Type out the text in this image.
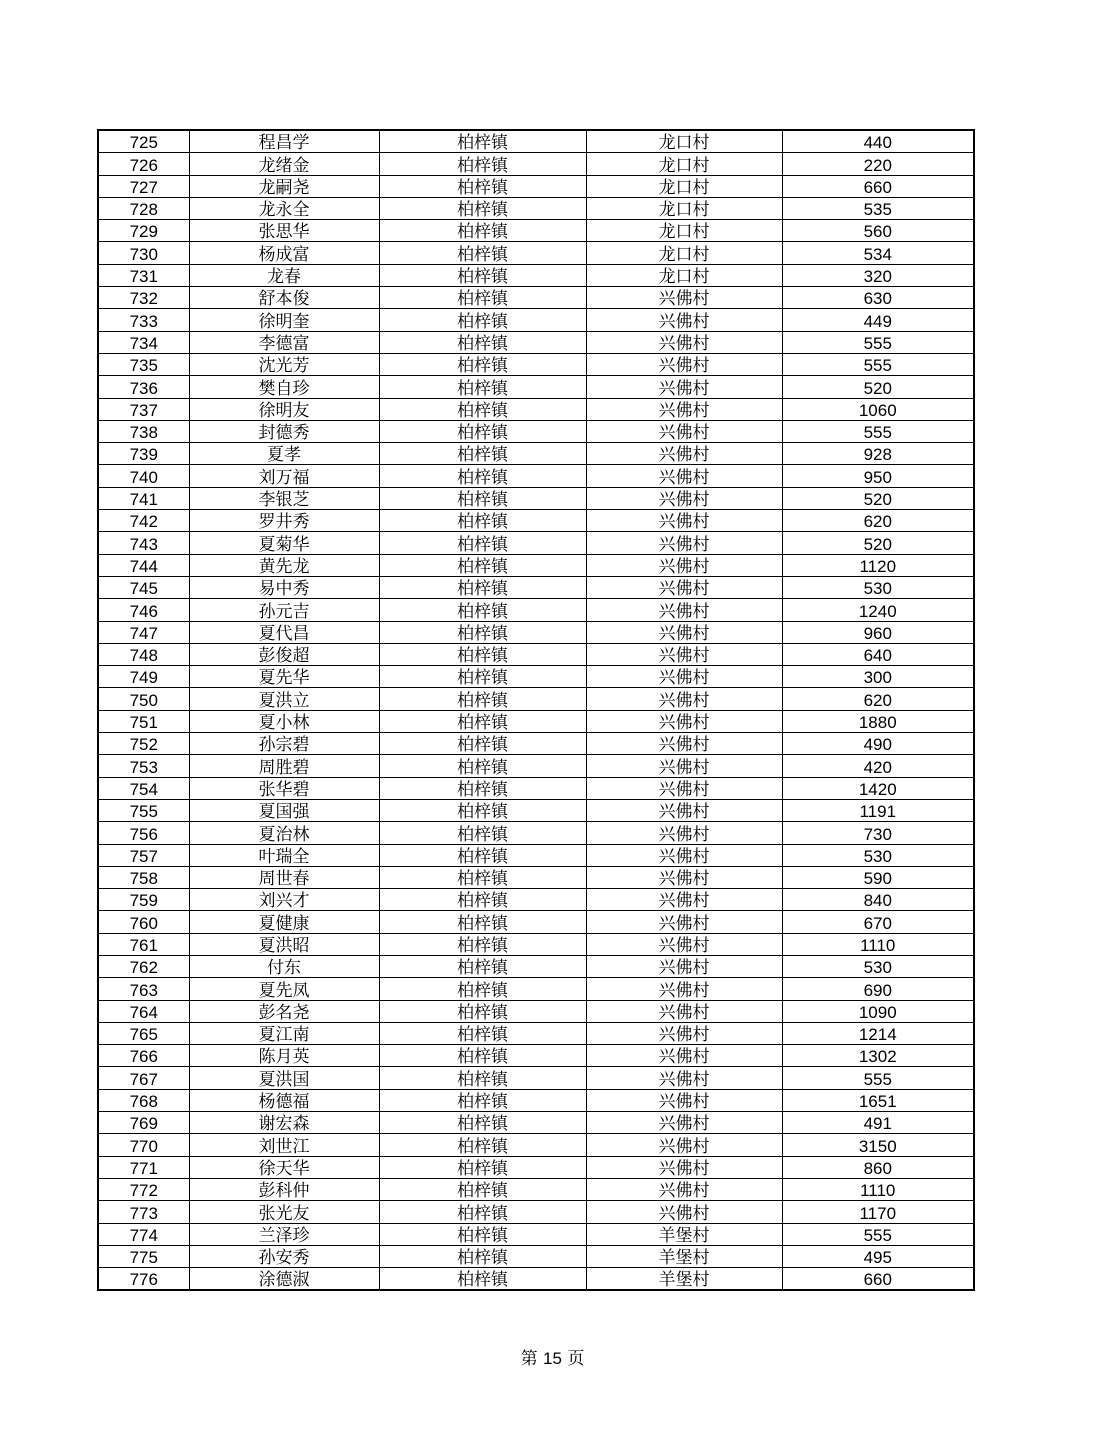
725	程昌学	柏梓镇	龙口村	440
726	龙绪金	柏梓镇	龙口村	220
727	龙嗣尧	柏梓镇	龙口村	660
728	龙永全	柏梓镇	龙口村	535
729	张思华	柏梓镇	龙口村	560
730	杨成富	柏梓镇	龙口村	534
731	龙春	柏梓镇	龙口村	320
732	舒本俊	柏梓镇	兴佛村	630
733	徐明奎	柏梓镇	兴佛村	449
734	李德富	柏梓镇	兴佛村	555
735	沈光芳	柏梓镇	兴佛村	555
736	樊自珍	柏梓镇	兴佛村	520
737	徐明友	柏梓镇	兴佛村	1060
738	封德秀	柏梓镇	兴佛村	555
739	夏孝	柏梓镇	兴佛村	928
740	刘万福	柏梓镇	兴佛村	950
741	李银芝	柏梓镇	兴佛村	520
742	罗井秀	柏梓镇	兴佛村	620
743	夏菊华	柏梓镇	兴佛村	520
744	黄先龙	柏梓镇	兴佛村	1120
745	易中秀	柏梓镇	兴佛村	530
746	孙元吉	柏梓镇	兴佛村	1240
747	夏代昌	柏梓镇	兴佛村	960
748	彭俊超	柏梓镇	兴佛村	640
749	夏先华	柏梓镇	兴佛村	300
750	夏洪立	柏梓镇	兴佛村	620
751	夏小林	柏梓镇	兴佛村	1880
752	孙宗碧	柏梓镇	兴佛村	490
753	周胜碧	柏梓镇	兴佛村	420
754	张华碧	柏梓镇	兴佛村	1420
755	夏国强	柏梓镇	兴佛村	1191
756	夏治林	柏梓镇	兴佛村	730
757	叶瑞全	柏梓镇	兴佛村	530
758	周世春	柏梓镇	兴佛村	590
759	刘兴才	柏梓镇	兴佛村	840
760	夏健康	柏梓镇	兴佛村	670
761	夏洪昭	柏梓镇	兴佛村	1110
762	付东	柏梓镇	兴佛村	530
763	夏先凤	柏梓镇	兴佛村	690
764	彭名尧	柏梓镇	兴佛村	1090
765	夏江南	柏梓镇	兴佛村	1214
766	陈月英	柏梓镇	兴佛村	1302
767	夏洪国	柏梓镇	兴佛村	555
768	杨德福	柏梓镇	兴佛村	1651
769	谢宏森	柏梓镇	兴佛村	491
770	刘世江	柏梓镇	兴佛村	3150
771	徐天华	柏梓镇	兴佛村	860
772	彭科仲	柏梓镇	兴佛村	1110
773	张光友	柏梓镇	兴佛村	1170
774	兰泽珍	柏梓镇	羊堡村	555
775	孙安秀	柏梓镇	羊堡村	495
776	涂德淑	柏梓镇	羊堡村	660
第 15 页
